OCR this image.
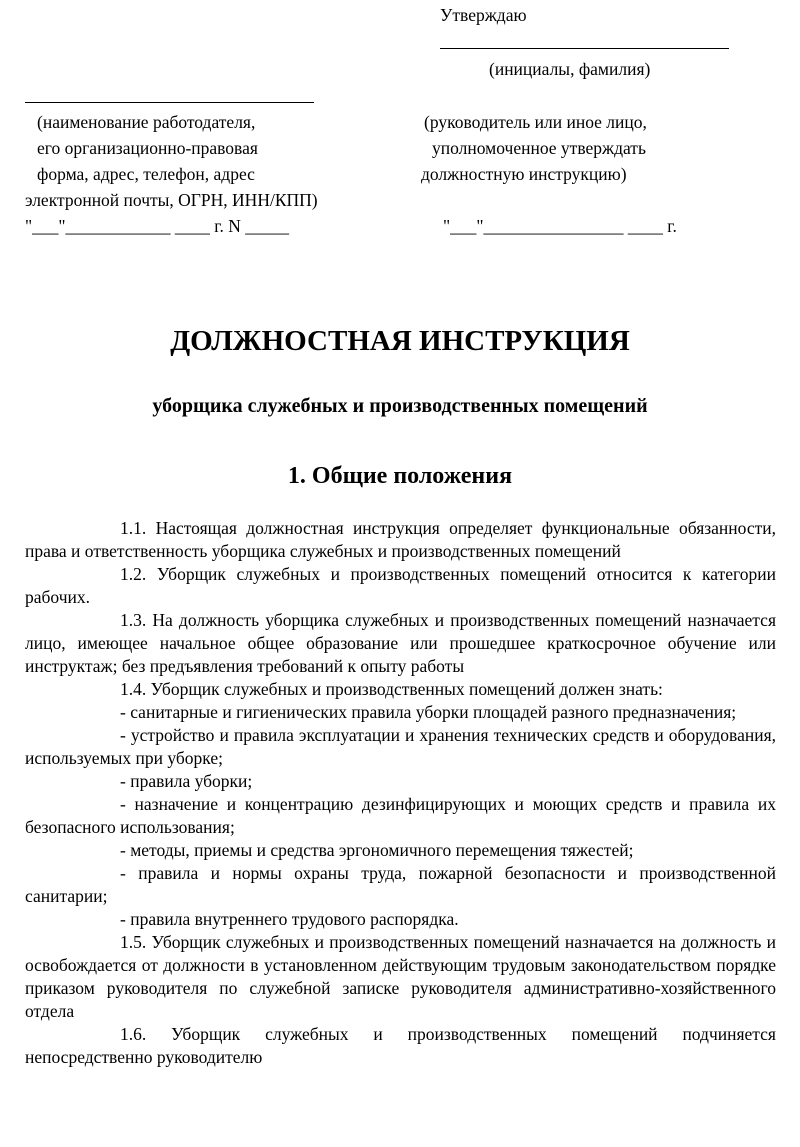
Утверждаю
(инициалы, фамилия)
(наименование работодателя,
его организационно-правовая
форма, адрес, телефон, адрес
электронной почты, ОГРН, ИНН/КПП)
(руководитель или иное лицо,
уполномоченное утверждать
должностную инструкцию)
"___"____________ ____ г. N _____	"___"________________ ____ г.
ДОЛЖНОСТНАЯ ИНСТРУКЦИЯ
уборщика служебных и производственных помещений
1. Общие положения

1.1. Настоящая должностная инструкция определяет функциональные обязанности, права и ответственность уборщика служебных и производственных помещений

1.2. Уборщик служебных и производственных помещений относится к категории рабочих.

1.3. На должность уборщика служебных и производственных помещений назначается лицо, имеющее начальное общее образование или прошедшее краткосрочное обучение или инструктаж; без предъявления требований к опыту работы

1.4. Уборщик служебных и производственных помещений должен знать:

- санитарные и гигиенических правила уборки площадей разного предназначения;

- устройство и правила эксплуатации и хранения технических средств и оборудования, используемых при уборке;

- правила уборки;

- назначение и концентрацию дезинфицирующих и моющих средств и правила их безопасного использования;

- методы, приемы и средства эргономичного перемещения тяжестей;

- правила и нормы охраны труда, пожарной безопасности и производственной санитарии;

- правила внутреннего трудового распорядка.

1.5. Уборщик служебных и производственных помещений назначается на должность и освобождается от должности в установленном действующим трудовым законодательством порядке приказом руководителя по служебной записке руководителя административно-хозяйственного отдела

1.6. Уборщик служебных и производственных помещений подчиняется непосредственно руководителю
